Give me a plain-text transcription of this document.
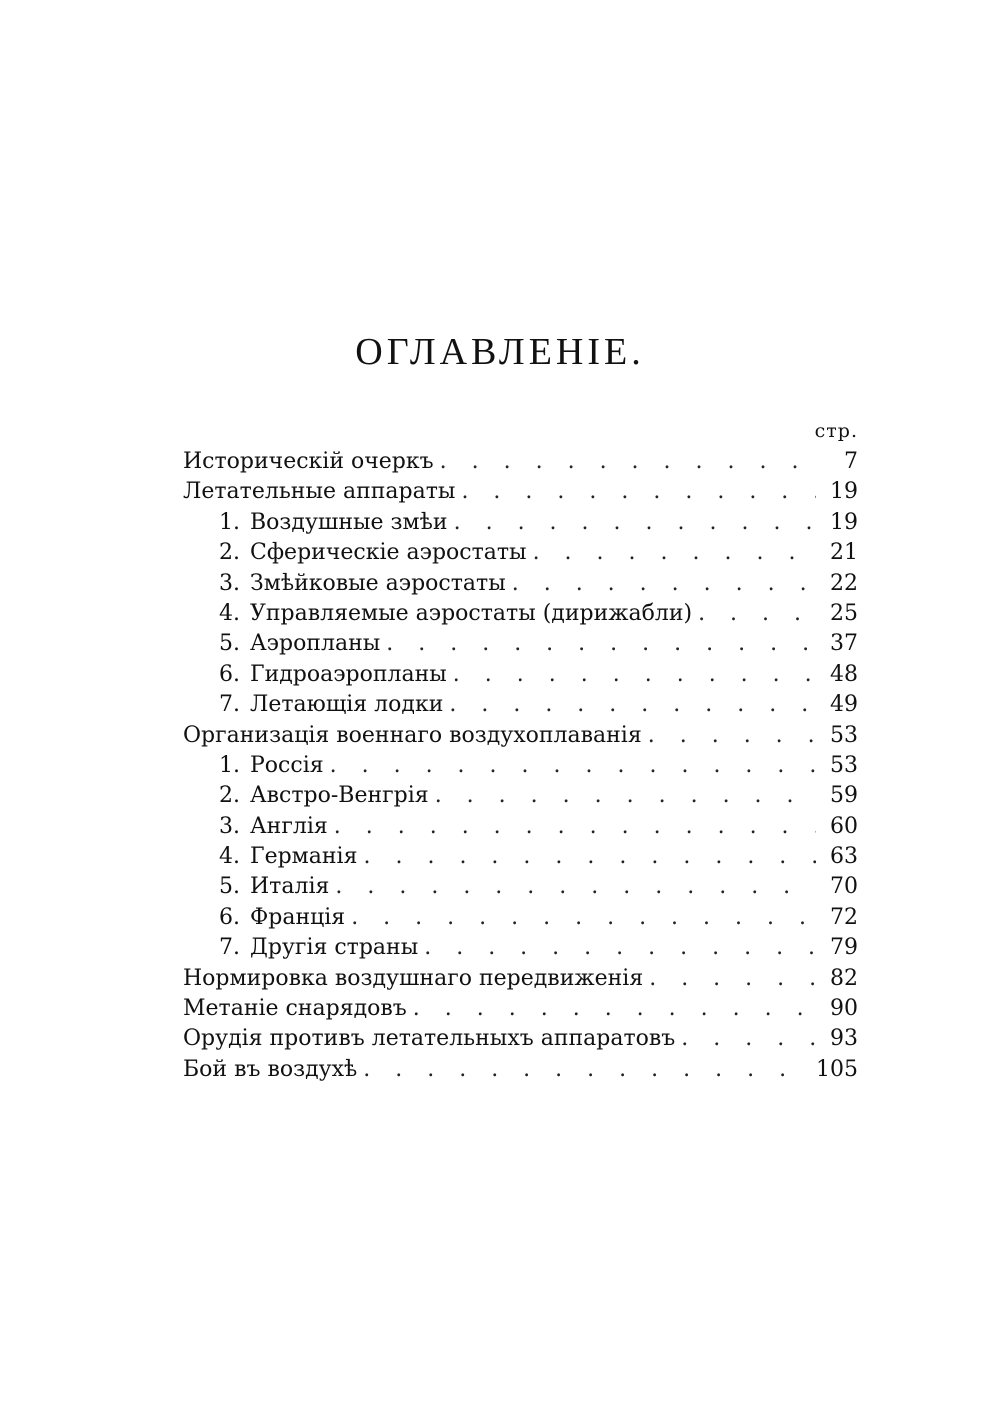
ОГЛАВЛЕНІЕ.
стр.
Историческій очеркъ . . .	7
Летательные аппараты . . .	19
1. Воздушные змѣи . . .	19
2. Сферическіе аэростаты . . .	21
3. Змѣйковые аэростаты . . .	22
4. Управляемые аэростаты (дирижабли) . . .	25
5. Аэропланы . . .	37
6. Гидроаэропланы . . .	48
7. Летающія лодки . . .	49
Организація военнаго воздухоплаванія . . .	53
1. Россія . . .	53
2. Австро-Венгрія . . .	59
3. Англія . . .	60
4. Германія . . .	63
5. Италія . . .	70
6. Франція . . .	72
7. Другія страны . . .	79
Нормировка воздушнаго передвиженія . . .	82
Метаніе снарядовъ . . .	90
Орудія противъ летательныхъ аппаратовъ . . .	93
Бой въ воздухѣ . . .	105
